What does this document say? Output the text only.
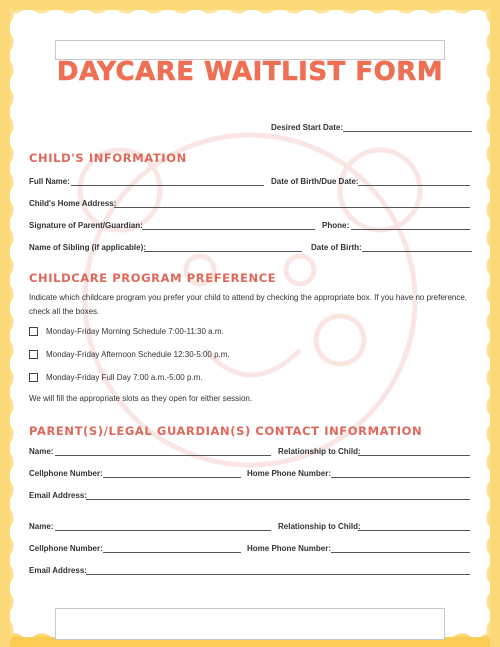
DAYCARE WAITLIST FORM
Desired Start Date:
CHILD'S INFORMATION
Full Name:	Date of Birth/Due Date:
Child's Home Address:
Signature of Parent/Guardian:	Phone:
Name of Sibling (if applicable):	Date of Birth:
CHILDCARE PROGRAM PREFERENCE
Indicate which childcare program you prefer your child to attend by checking the appropriate box. If you have no preference, check all the boxes.
Monday-Friday Morning Schedule 7:00-11:30 a.m.
Monday-Friday Afternoon Schedule 12:30-5:00 p.m.
Monday-Friday Full Day 7:00 a.m.-5:00 p.m.
We will fill the appropriate slots as they open for either session.
PARENT(S)/LEGAL GUARDIAN(S) CONTACT INFORMATION
Name:	Relationship to Child:
Cellphone Number:	Home Phone Number:
Email Address:
Name:	Relationship to Child:
Cellphone Number:	Home Phone Number:
Email Address:
